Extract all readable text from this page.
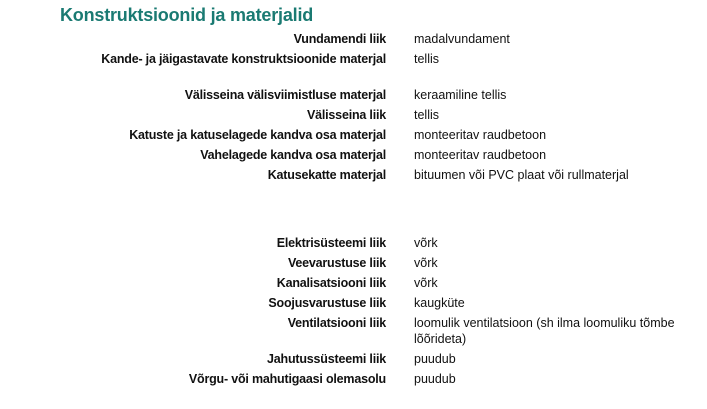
Konstruktsioonid ja materjalid
Vundamendi liik madalvundament
Kande- ja jäigastavate konstruktsioonide materjal tellis
Välisseina välisviimistluse materjal keraamiline tellis
Välisseina liik tellis
Katuste ja katuselagede kandva osa materjal monteeritav raudbetoon
Vahelagede kandva osa materjal monteeritav raudbetoon
Katusekatte materjal bituumen või PVC plaat või rullmaterjal
Elektrisüsteemi liik võrk
Veevarustuse liik võrk
Kanalisatsiooni liik võrk
Soojusvarustuse liik kaugküte
Ventilatsiooni liik loomulik ventilatsioon (sh ilma loomuliku tõmbe lõõrideta)
Jahutussüsteemi liik puudub
Võrgu- või mahutigaasi olemasolu puudub
